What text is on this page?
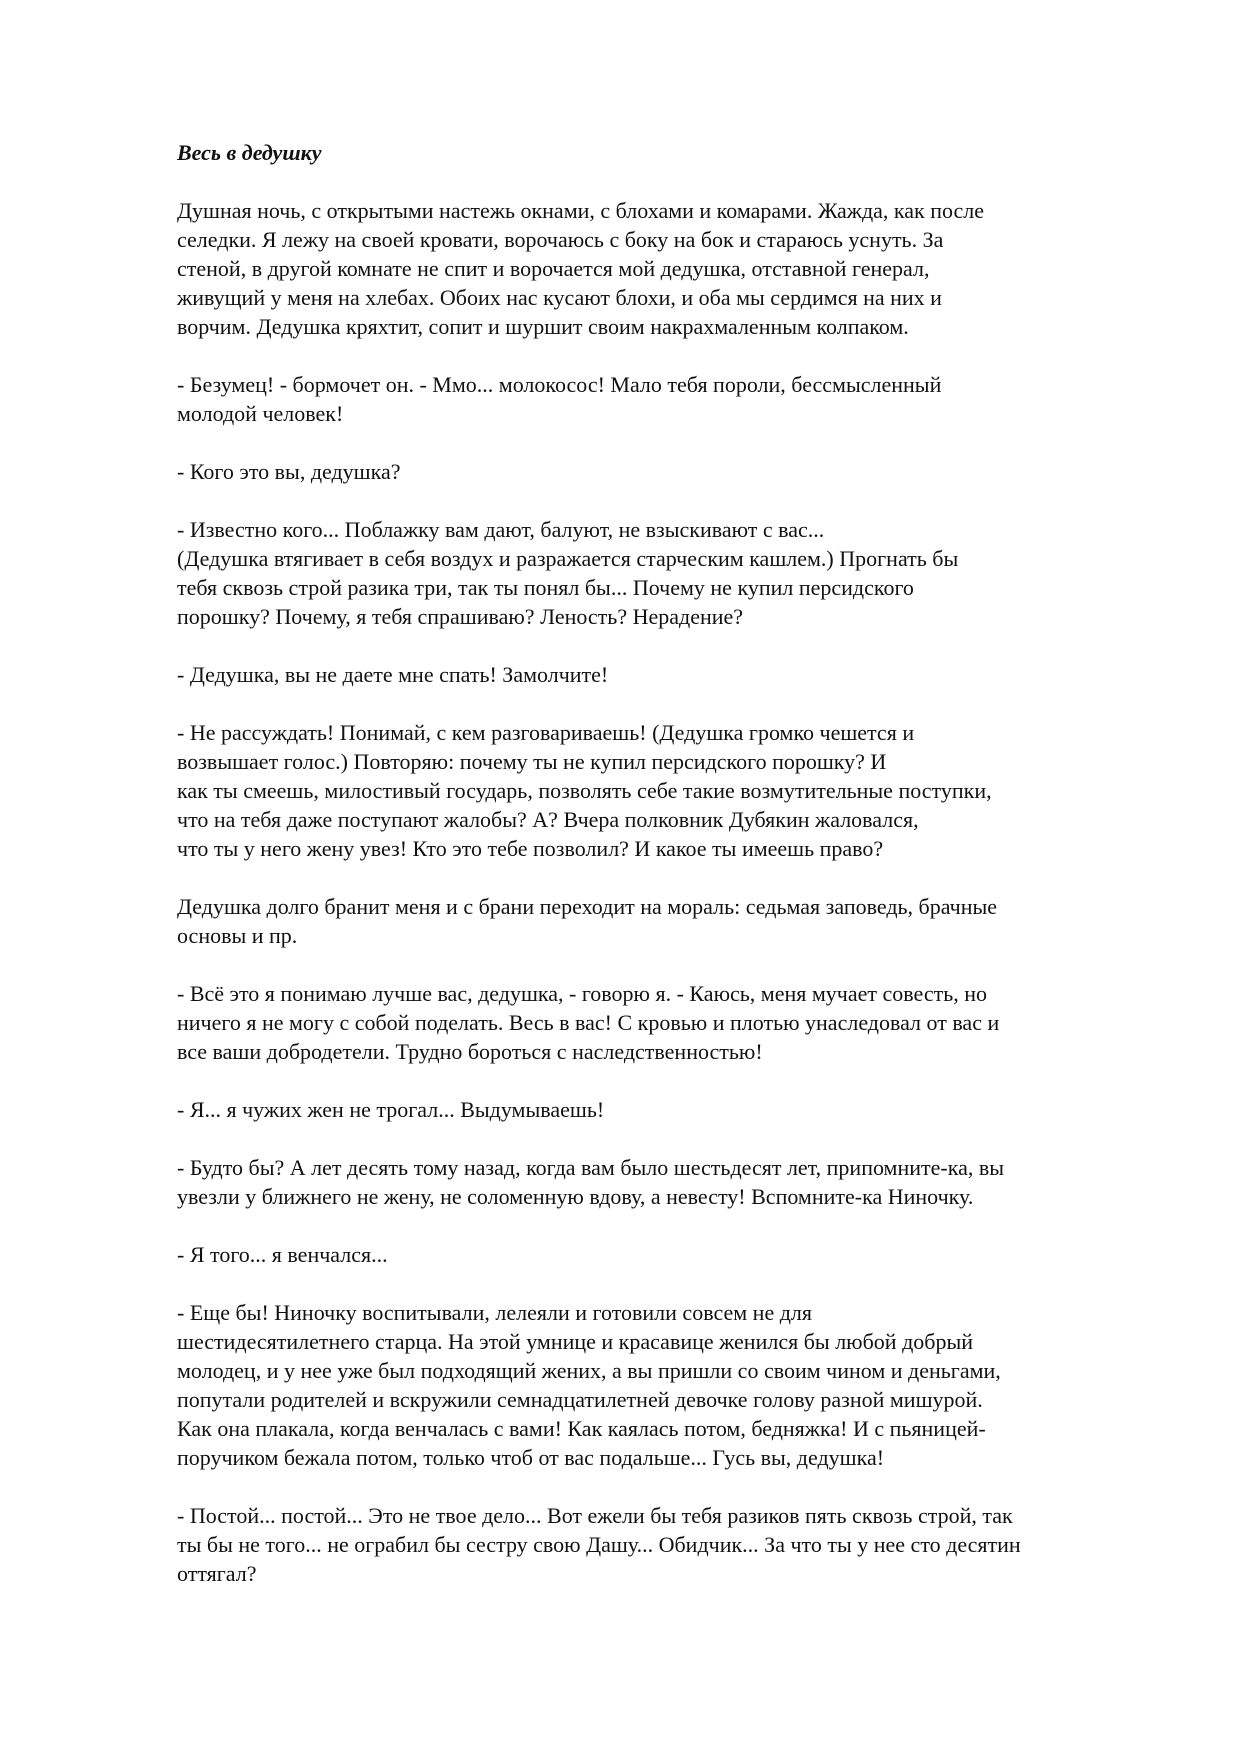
Весь в дедушку
Душная ночь, с открытыми настежь окнами, с блохами и комарами. Жажда, как после
селедки. Я лежу на своей кровати, ворочаюсь с боку на бок и стараюсь уснуть. За
стеной, в другой комнате не спит и ворочается мой дедушка, отставной генерал,
живущий у меня на хлебах. Обоих нас кусают блохи, и оба мы сердимся на них и
ворчим. Дедушка кряхтит, сопит и шуршит своим накрахмаленным колпаком.
- Безумец! - бормочет он. - Ммо... молокосос! Мало тебя пороли, бессмысленный
молодой человек!
- Кого это вы, дедушка?
- Известно кого... Поблажку вам дают, балуют, не взыскивают с вас...
(Дедушка втягивает в себя воздух и разражается старческим кашлем.) Прогнать бы
тебя сквозь строй разика три, так ты понял бы... Почему не купил персидского
порошку? Почему, я тебя спрашиваю? Леность? Нерадение?
- Дедушка, вы не даете мне спать! Замолчите!
- Не рассуждать! Понимай, с кем разговариваешь! (Дедушка громко чешется и
возвышает голос.) Повторяю: почему ты не купил персидского порошку? И
как ты смеешь, милостивый государь, позволять себе такие возмутительные поступки,
что на тебя даже поступают жалобы? А? Вчера полковник Дубякин жаловался,
что ты у него жену увез! Кто это тебе позволил? И какое ты имеешь право?
Дедушка долго бранит меня и с брани переходит на мораль: седьмая заповедь, брачные
основы и пр.
- Всё это я понимаю лучше вас, дедушка, - говорю я. - Каюсь, меня мучает совесть, но
ничего я не могу с собой поделать. Весь в вас! С кровью и плотью унаследовал от вас и
все ваши добродетели. Трудно бороться с наследственностью!
- Я... я чужих жен не трогал... Выдумываешь!
- Будто бы? А лет десять тому назад, когда вам было шестьдесят лет, припомните-ка, вы
увезли у ближнего не жену, не соломенную вдову, а невесту! Вспомните-ка Ниночку.
- Я того... я венчался...
- Еще бы! Ниночку воспитывали, лелеяли и готовили совсем не для
шестидесятилетнего старца. На этой умнице и красавице женился бы любой добрый
молодец, и у нее уже был подходящий жених, а вы пришли со своим чином и деньгами,
попутали родителей и вскружили семнадцатилетней девочке голову разной мишурой.
Как она плакала, когда венчалась с вами! Как каялась потом, бедняжка! И с пьяницей-
поручиком бежала потом, только чтоб от вас подальше... Гусь вы, дедушка!
- Постой... постой... Это не твое дело... Вот ежели бы тебя разиков пять сквозь строй, так
ты бы не того... не ограбил бы сестру свою Дашу... Обидчик... За что ты у нее сто десятин
оттягал?
